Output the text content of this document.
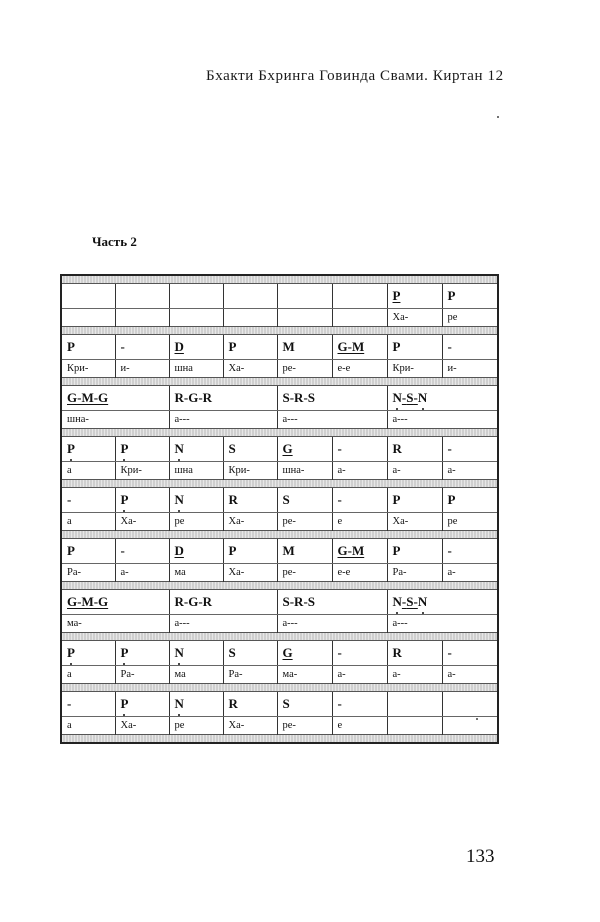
Бхакти Бхринга Говинда Свами. Киртан 12
Часть 2

						P	P
						Ха-	ре

P	-	D	P	M	G-M	P	-
Кри-	и-	шна	Ха-	ре-	е-е	Кри-	и-

G-M-G		R-G-R		S-R-S		N-S-N	
шна-		а---		а---		а---	

P	P	N	S	G	-	R	-
а	Кри-	шна	Кри-	шна-	а-	а-	а-

-	P	N	R	S	-	P	P
а	Ха-	ре	Ха-	ре-	е	Ха-	ре

P	-	D	P	M	G-M	P	-
Ра-	а-	ма	Ха-	ре-	е-е	Ра-	а-

G-M-G		R-G-R		S-R-S		N-S-N	
ма-		а---		а---		а---	

P	P	N	S	G	-	R	-
а	Ра-	ма	Ра-	ма-	а-	а-	а-

-	P	N	R	S	-		
а	Ха-	ре	Ха-	ре-	е		

133
